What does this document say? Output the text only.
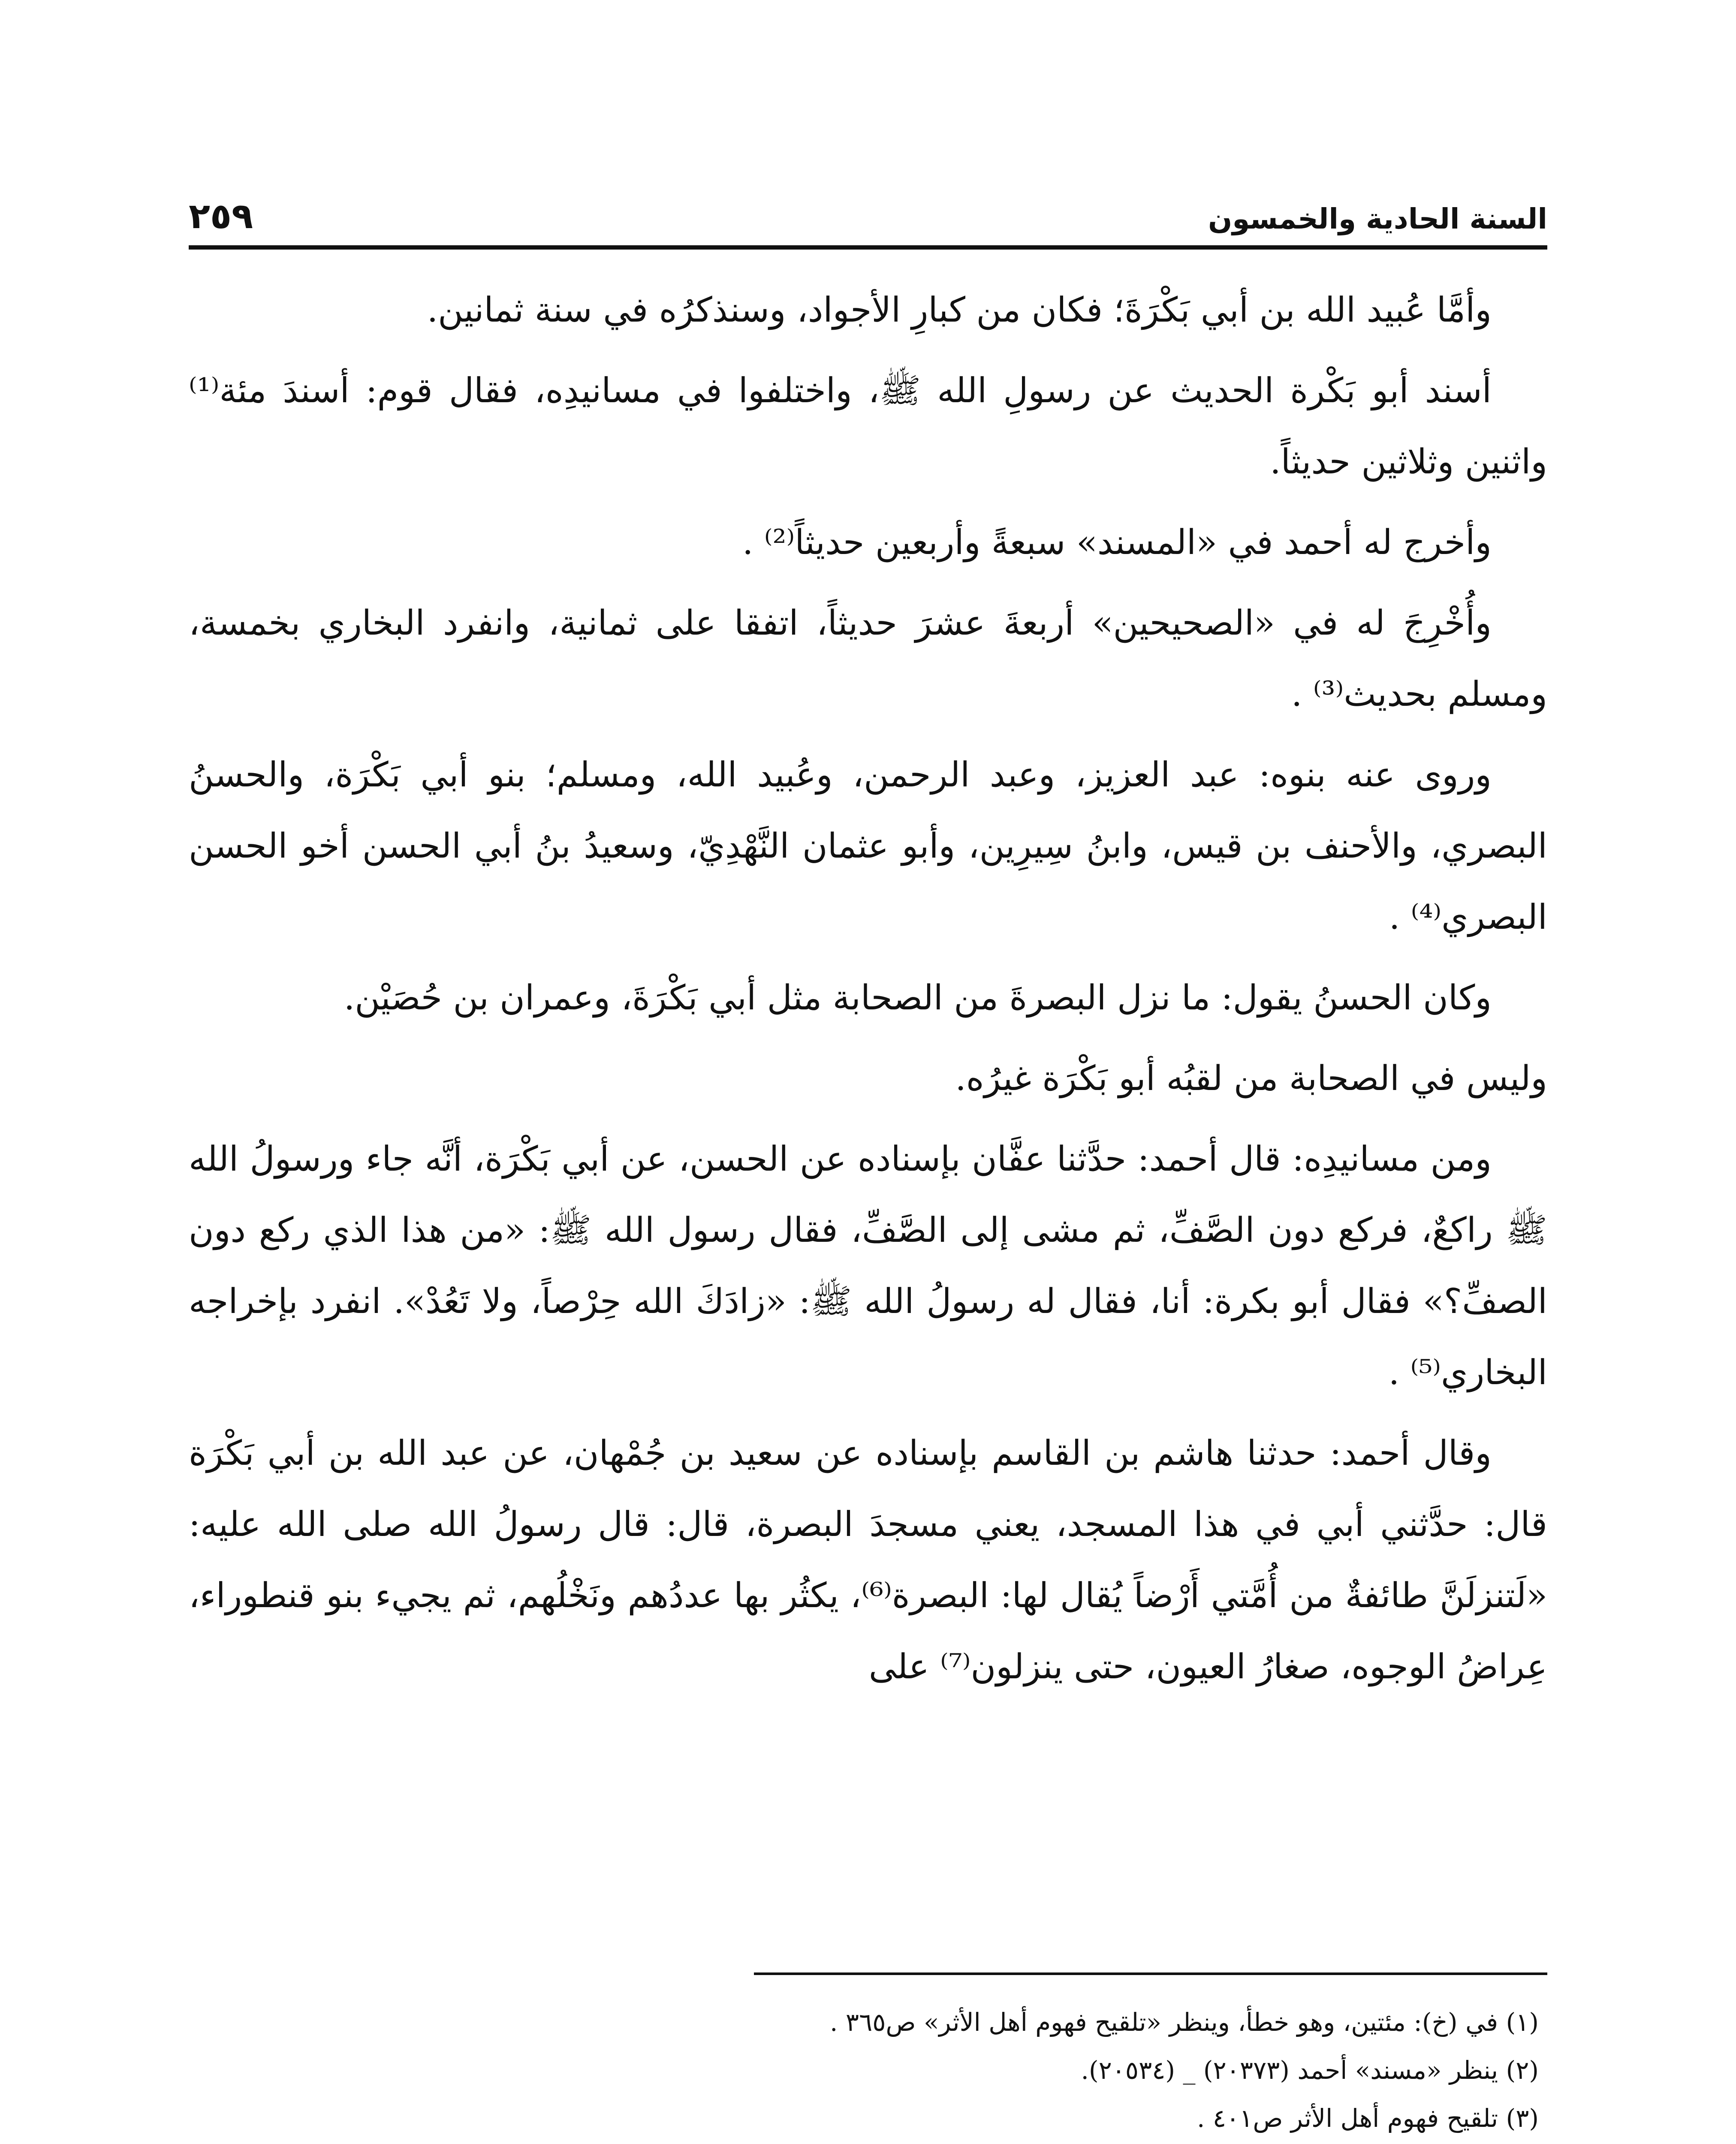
السنة الحادية والخمسون
٢٥٩

وأمَّا عُبيد الله بن أبي بَكْرَةَ؛ فكان من كبارِ الأجواد، وسنذكرُه في سنة ثمانين.

أسند أبو بَكْرة الحديث عن رسولِ الله ﷺ، واختلفوا في مسانيدِه، فقال قوم: أسندَ مئة⁽¹⁾ واثنين وثلاثين حديثاً.

وأخرج له أحمد في «المسند» سبعةً وأربعين حديثاً⁽²⁾ .

وأُخْرِجَ له في «الصحيحين» أربعةَ عشرَ حديثاً، اتفقا على ثمانية، وانفرد البخاري بخمسة، ومسلم بحديث⁽³⁾ .

وروى عنه بنوه: عبد العزيز، وعبد الرحمن، وعُبيد الله، ومسلم؛ بنو أبي بَكْرَة، والحسنُ البصري، والأحنف بن قيس، وابنُ سِيرِين، وأبو عثمان النَّهْدِيّ، وسعيدُ بنُ أبي الحسن أخو الحسن البصري⁽⁴⁾ .

وكان الحسنُ يقول: ما نزل البصرةَ من الصحابة مثل أبي بَكْرَةَ، وعمران بن حُصَيْن.

وليس في الصحابة من لقبُه أبو بَكْرَة غيرُه.

ومن مسانيدِه: قال أحمد: حدَّثنا عفَّان بإسناده عن الحسن، عن أبي بَكْرَة، أنَّه جاء ورسولُ الله ﷺ راكعٌ، فركع دون الصَّفِّ، ثم مشى إلى الصَّفِّ، فقال رسول الله ﷺ: «من هذا الذي ركع دون الصفِّ؟» فقال أبو بكرة: أنا، فقال له رسولُ الله ﷺ: «زادَكَ الله حِرْصاً، ولا تَعُدْ». انفرد بإخراجه البخاري⁽⁵⁾ .

وقال أحمد: حدثنا هاشم بن القاسم بإسناده عن سعيد بن جُمْهان، عن عبد الله بن أبي بَكْرَة قال: حدَّثني أبي في هذا المسجد، يعني مسجدَ البصرة، قال: قال رسولُ الله صلى الله عليه: «لَتنزلَنَّ طائفةٌ من أُمَّتي أَرْضاً يُقال لها: البصرة⁽⁶⁾، يكثُر بها عددُهم ونَخْلُهم، ثم يجيء بنو قنطوراء، عِراضُ الوجوه، صغارُ العيون، حتى ينزلون⁽⁷⁾ على

(١) في (خ): مئتين، وهو خطأ، وينظر «تلقيح فهوم أهل الأثر» ص٣٦٥ .

(٢) ينظر «مسند» أحمد (٢٠٣٧٣) _ (٢٠٥٣٤).

(٣) تلقيح فهوم أهل الأثر ص٤٠١ .
